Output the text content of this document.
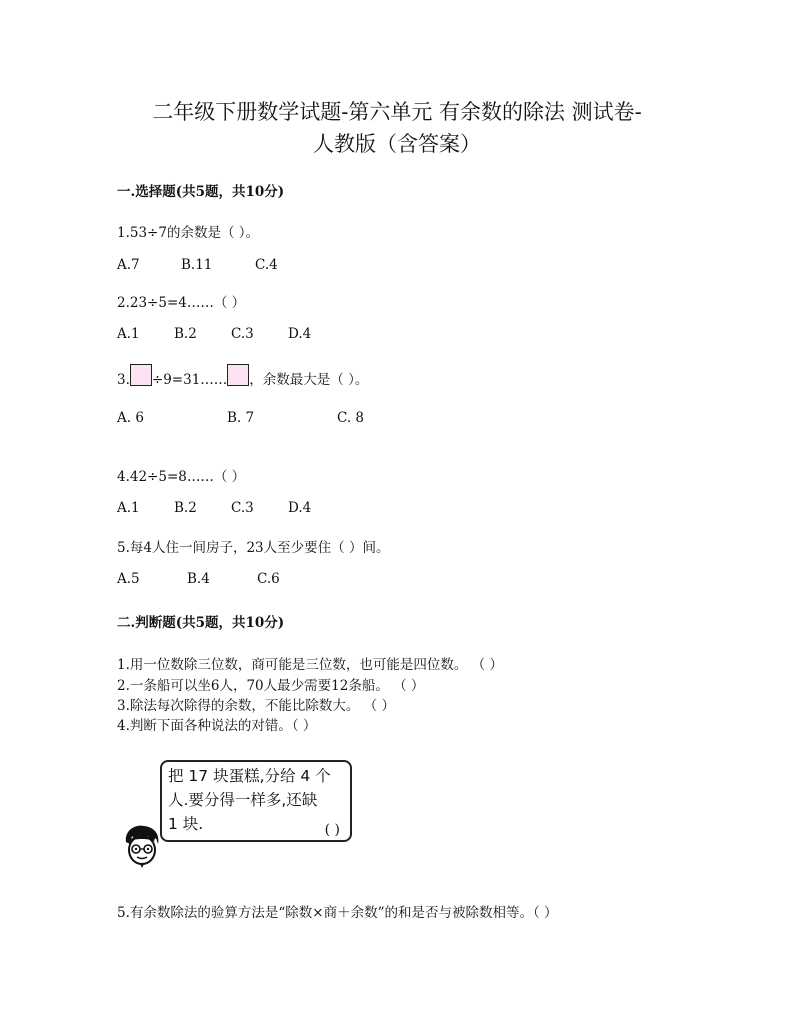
二年级下册数学试题-第六单元 有余数的除法 测试卷-
人教版（含答案）
一.选择题(共5题，共10分)
1.53÷7的余数是（ ）。
A.7	B.11	C.4
2.23÷5=4……（ ）
A.1	B.2	C.3	D.4
3. ÷9=31…… ，余数最大是（ ）。
A. 6	B. 7	C. 8
4.42÷5=8……（ ）
A.1	B.2	C.3	D.4
5.每4人住一间房子，23人至少要住（ ）间。
A.5	B.4	C.6
二.判断题(共5题，共10分)
1.用一位数除三位数，商可能是三位数，也可能是四位数。 （ ）
2.一条船可以坐6人，70人最少需要12条船。 （ ）
3.除法每次除得的余数，不能比除数大。 （ ）
4.判断下面各种说法的对错。（ ）
把 17 块蛋糕,分给 4 个
人.要分得一样多,还缺
1 块.	( )
5.有余数除法的验算方法是“除数×商＋余数”的和是否与被除数相等。（ ）
